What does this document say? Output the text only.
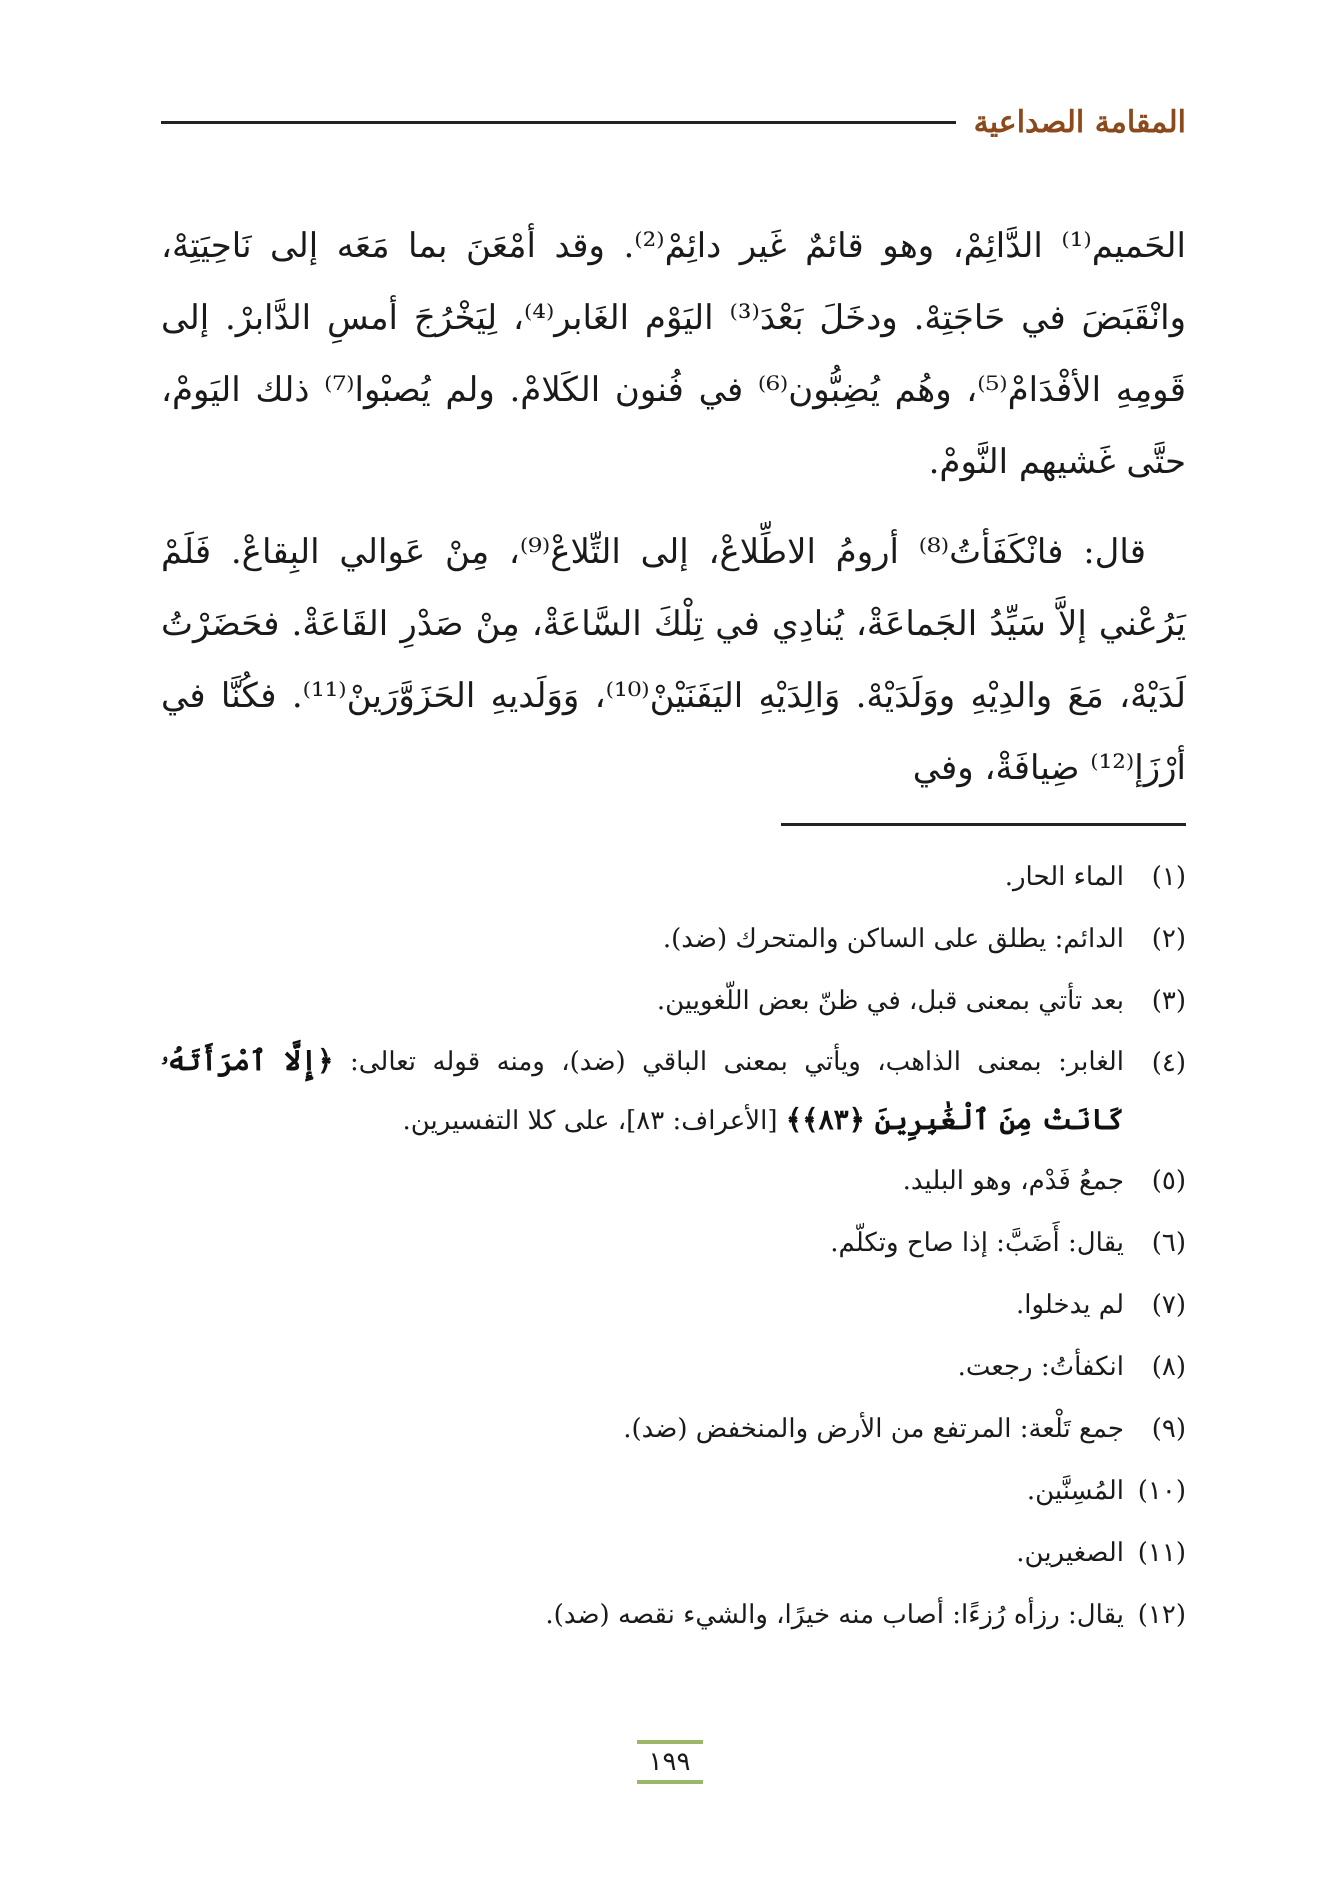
المقامة الصداعية

الحَميم⁽¹⁾ الدَّائِمْ، وهو قائمٌ غَير دائِمْ⁽²⁾. وقد أمْعَنَ بما مَعَه إلى نَاحِيَتِهْ، وانْقَبَضَ في حَاجَتِهْ. ودخَلَ بَعْدَ⁽³⁾ اليَوْم الغَابر⁽⁴⁾، لِيَخْرُجَ أمسِ الدَّابرْ. إلى قَومِهِ الأفْدَامْ⁽⁵⁾، وهُم يُضِبُّون⁽⁶⁾ في فُنون الكَلامْ. ولم يُصبْوا⁽⁷⁾ ذلك اليَومْ، حتَّى غَشيهم النَّومْ.

قال: فانْكَفَأتُ⁽⁸⁾ أرومُ الاطِّلاعْ، إلى التِّلاعْ⁽⁹⁾، مِنْ عَوالي البِقاعْ. فَلَمْ يَرُعْني إلاَّ سَيِّدُ الجَماعَةْ، يُنادِي في تِلْكَ السَّاعَةْ، مِنْ صَدْرِ القَاعَةْ. فحَضَرْتُ لَدَيْهْ، مَعَ والدِيْهِ ووَلَدَيْهْ. وَالِدَيْهِ اليَفَنَيْنْ⁽¹⁰⁾، وَوَلَديهِ الحَزَوَّرَينْ⁽¹¹⁾. فكُنَّا في أرْزَإ⁽¹²⁾ ضِيافَةْ، وفي

(١)
الماء الحار.
(٢)
الدائم: يطلق على الساكن والمتحرك (ضد).
(٣)
بعد تأتي بمعنى قبل، في ظنّ بعض اللّغويين.
(٤)
الغابر: بمعنى الذاهب، ويأتي بمعنى الباقي (ضد)، ومنه قوله تعالى: ﴿إِلَّا ٱمْرَأَتَهُۥ كَانَتْ مِنَ ٱلْغَٰبِرِينَ ﴿٨٣﴾﴾ [الأعراف: ٨٣]، على كلا التفسيرين.
(٥)
جمعُ فَدْم، وهو البليد.
(٦)
يقال: أَضَبَّ: إذا صاح وتكلّم.
(٧)
لم يدخلوا.
(٨)
انكفأتُ: رجعت.
(٩)
جمع تَلْعة: المرتفع من الأرض والمنخفض (ضد).
(١٠)
المُسِنَّين.
(١١)
الصغيرين.
(١٢)
يقال: رزأه رُزءًا: أصاب منه خيرًا، والشيء نقصه (ضد).
١٩٩
